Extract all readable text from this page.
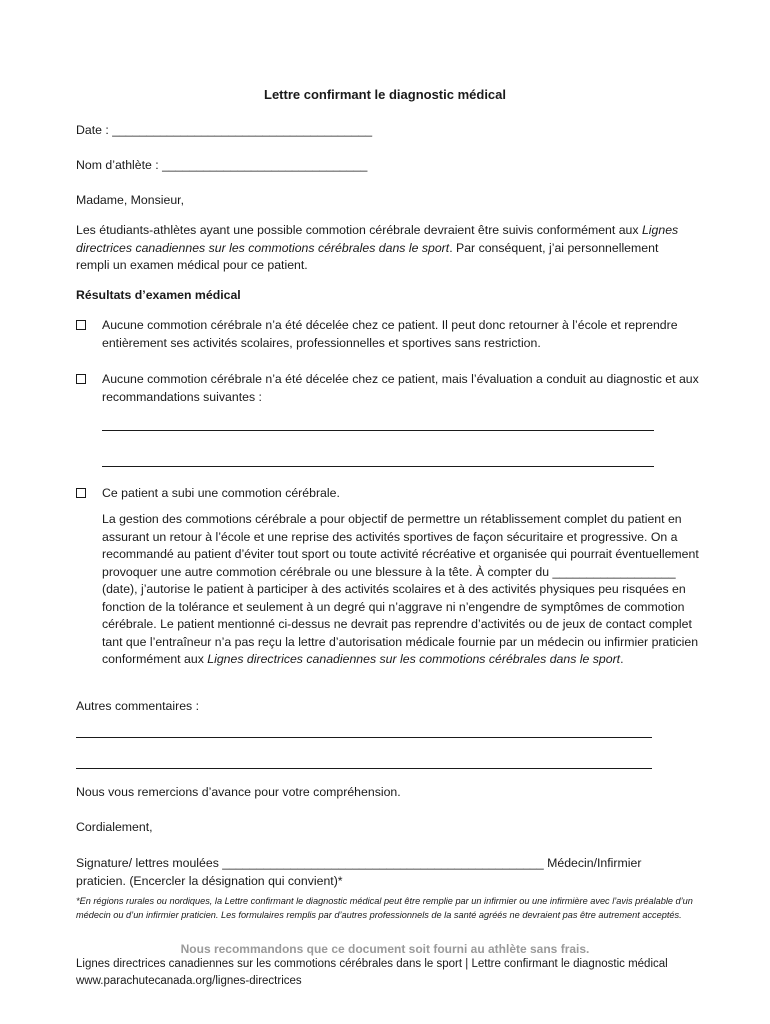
Lettre confirmant le diagnostic médical
Date : ______________________________________
Nom d’athlète : ______________________________
Madame, Monsieur,
Les étudiants-athlètes ayant une possible commotion cérébrale devraient être suivis conformément aux Lignes directrices canadiennes sur les commotions cérébrales dans le sport. Par conséquent, j’ai personnellement rempli un examen médical pour ce patient.
Résultats d’examen médical
Aucune commotion cérébrale n’a été décelée chez ce patient. Il peut donc retourner à l’école et reprendre entièrement ses activités scolaires, professionnelles et sportives sans restriction.
Aucune commotion cérébrale n’a été décelée chez ce patient, mais l’évaluation a conduit au diagnostic et aux recommandations suivantes :
Ce patient a subi une commotion cérébrale.
La gestion des commotions cérébrale a pour objectif de permettre un rétablissement complet du patient en assurant un retour à l’école et une reprise des activités sportives de façon sécuritaire et progressive. On a recommandé au patient d’éviter tout sport ou toute activité récréative et organisée qui pourrait éventuellement provoquer une autre commotion cérébrale ou une blessure à la tête. À compter du __________________ (date), j’autorise le patient à participer à des activités scolaires et à des activités physiques peu risquées en fonction de la tolérance et seulement à un degré qui n’aggrave ni n’engendre de symptômes de commotion cérébrale. Le patient mentionné ci-dessus ne devrait pas reprendre d’activités ou de jeux de contact complet tant que l’entraîneur n’a pas reçu la lettre d’autorisation médicale fournie par un médecin ou infirmier praticien conformément aux Lignes directrices canadiennes sur les commotions cérébrales dans le sport.
Autres commentaires :
Nous vous remercions d’avance pour votre compréhension.
Cordialement,
Signature/ lettres moulées _______________________________________________ Médecin/Infirmier praticien. (Encercler la désignation qui convient)*
*En régions rurales ou nordiques, la Lettre confirmant le diagnostic médical peut être remplie par un infirmier ou une infirmière avec l’avis préalable d’un médecin ou d’un infirmier praticien. Les formulaires remplis par d’autres professionnels de la santé agréés ne devraient pas être autrement acceptés.
Nous recommandons que ce document soit fourni au athlète sans frais.
Lignes directrices canadiennes sur les commotions cérébrales dans le sport | Lettre confirmant le diagnostic médical
www.parachutecanada.org/lignes-directrices
